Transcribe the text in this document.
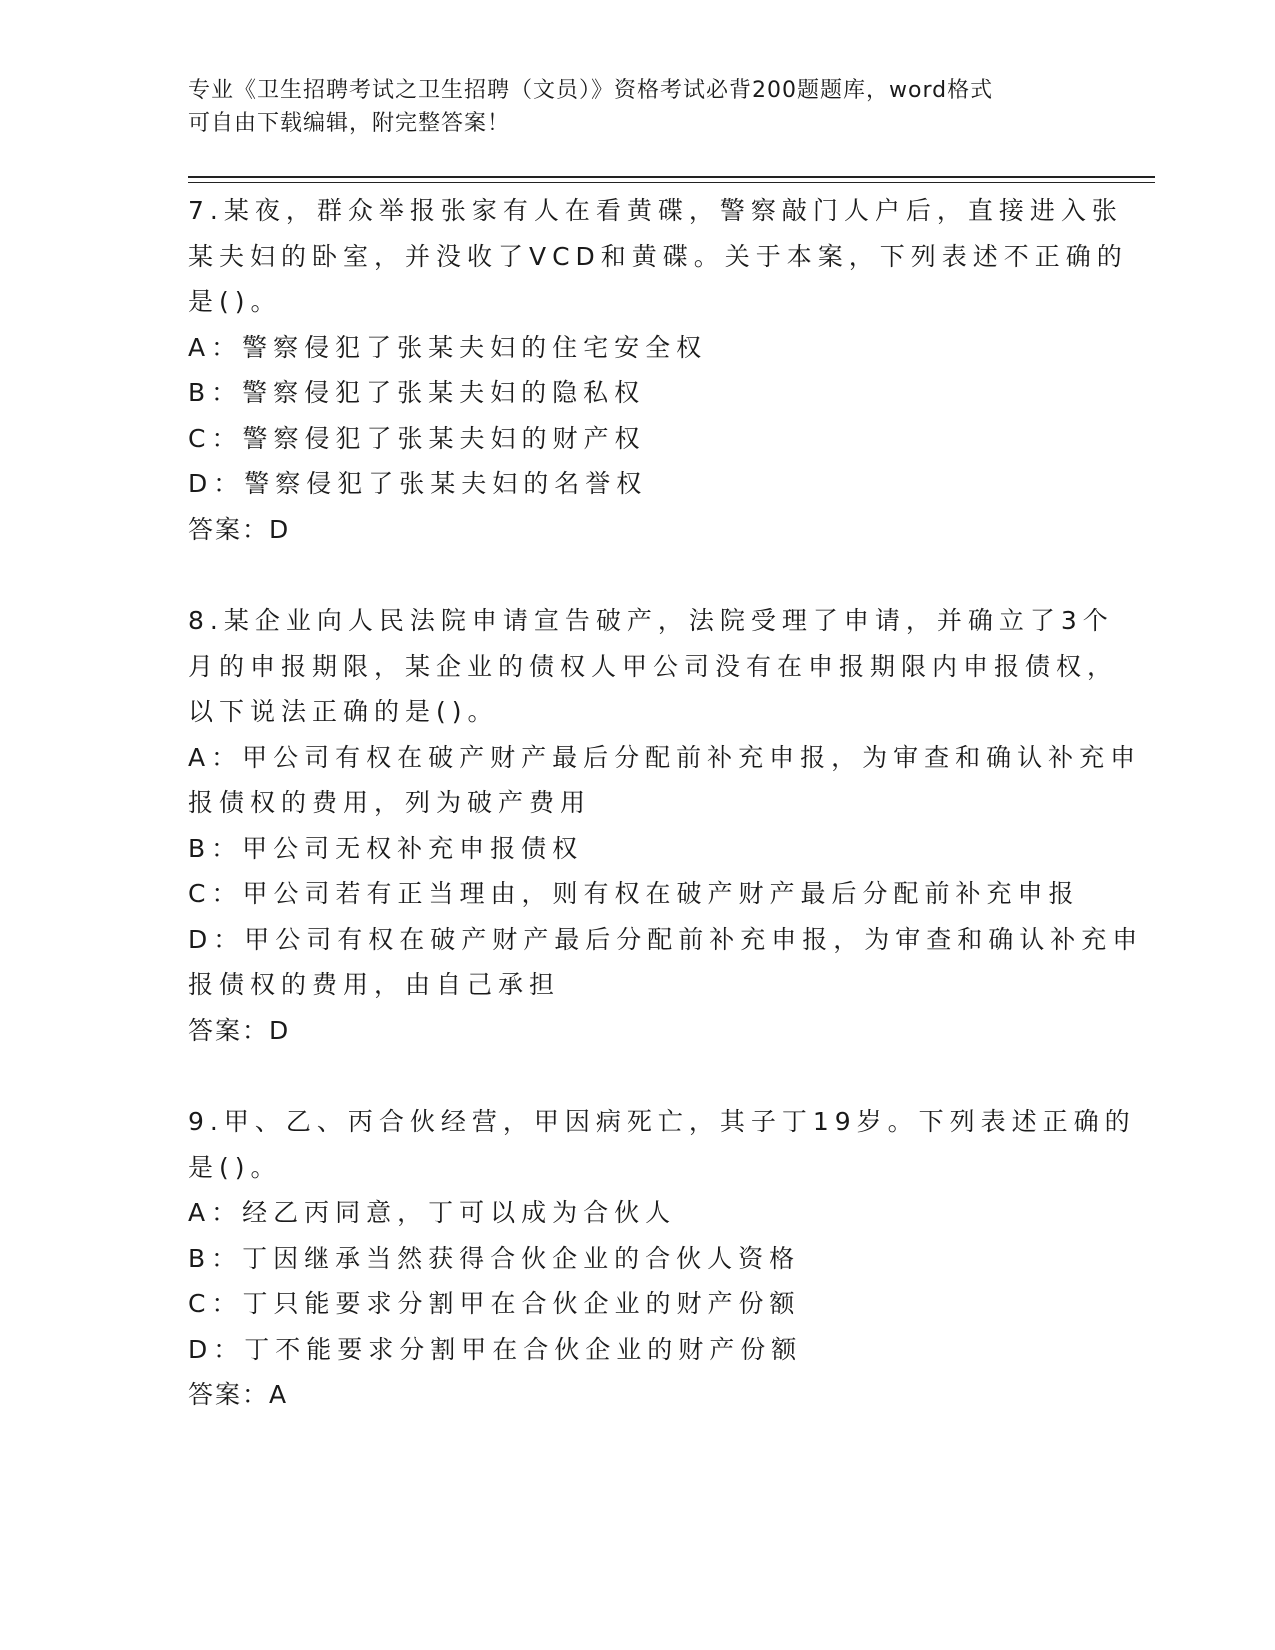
专业《卫生招聘考试之卫生招聘（文员）》资格考试必背200题题库，word格式
可自由下载编辑，附完整答案！
7.某夜，群众举报张家有人在看黄碟，警察敲门人户后，直接进入张
某夫妇的卧室，并没收了VCD和黄碟。关于本案，下列表述不正确的
是()。
A：警察侵犯了张某夫妇的住宅安全权
B：警察侵犯了张某夫妇的隐私权
C：警察侵犯了张某夫妇的财产权
D：警察侵犯了张某夫妇的名誉权
答案：D
8.某企业向人民法院申请宣告破产，法院受理了申请，并确立了3个
月的申报期限，某企业的债权人甲公司没有在申报期限内申报债权，
以下说法正确的是()。
A：甲公司有权在破产财产最后分配前补充申报，为审查和确认补充申
报债权的费用，列为破产费用
B：甲公司无权补充申报债权
C：甲公司若有正当理由，则有权在破产财产最后分配前补充申报
D：甲公司有权在破产财产最后分配前补充申报，为审查和确认补充申
报债权的费用，由自己承担
答案：D
9.甲、乙、丙合伙经营，甲因病死亡，其子丁19岁。下列表述正确的
是()。
A：经乙丙同意，丁可以成为合伙人
B：丁因继承当然获得合伙企业的合伙人资格
C：丁只能要求分割甲在合伙企业的财产份额
D：丁不能要求分割甲在合伙企业的财产份额
答案：A
